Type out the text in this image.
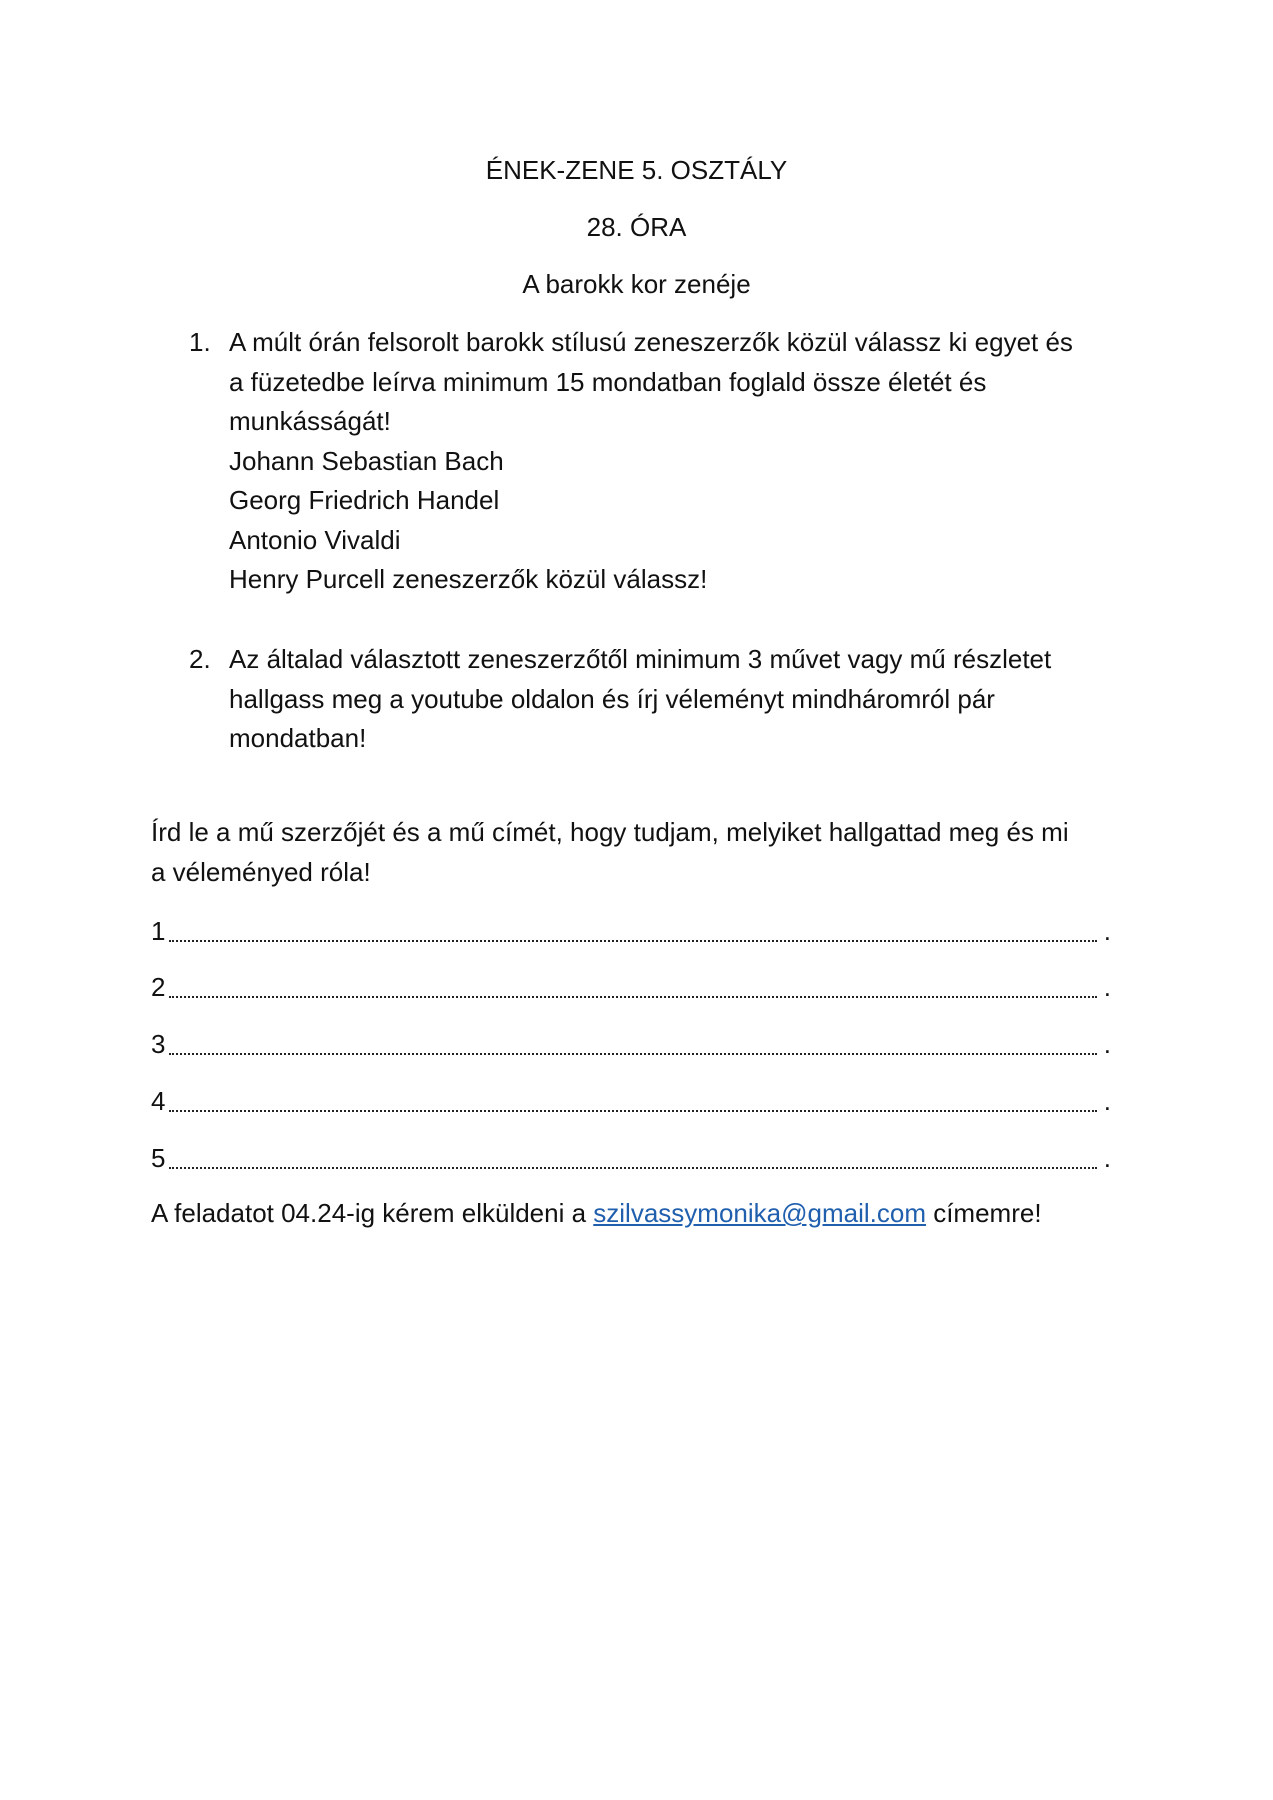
ÉNEK-ZENE 5. OSZTÁLY
28. ÓRA
A barokk kor zenéje
1. A múlt órán felsorolt barokk stílusú zeneszerzők közül válassz ki egyet és
a füzetedbe leírva minimum 15 mondatban foglald össze életét és
munkásságát!
Johann Sebastian Bach
Georg Friedrich Handel
Antonio Vivaldi
Henry Purcell zeneszerzők közül válassz!
2. Az általad választott zeneszerzőtől minimum 3 művet vagy mű részletet
hallgass meg a youtube oldalon és írj véleményt mindháromról pár
mondatban!
Írd le a mű szerzőjét és a mű címét, hogy tudjam, melyiket hallgattad meg és mi
a véleményed róla!
1	.
2	.
3	.
4	.
5	.
A feladatot 04.24-ig kérem elküldeni a szilvassymonika@gmail.com címemre!
